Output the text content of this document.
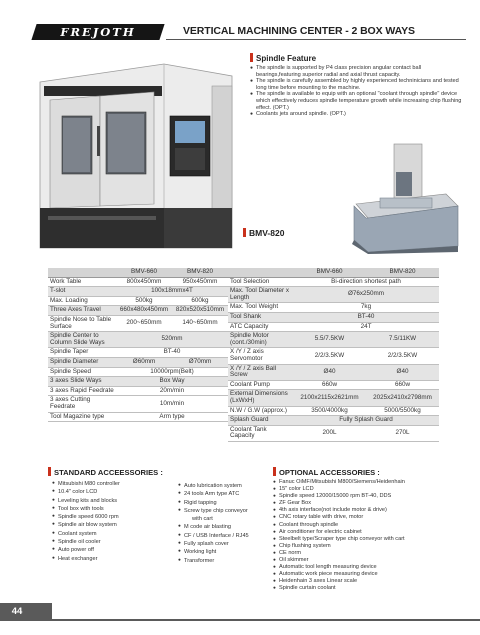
FREJOTH	VERTICAL MACHINING CENTER - 2 BOX WAYS
Spindle Feature
● The spindle is supported by P4 class precision angular contact ball bearings,featuring superior radial and axial thrust capacity.
● The spindle is carefully assembled by highly experienced techninicians and tested long time before mounting to the machine.
● The spindle is available to equip with an optional "coolant through spindle" device which effectively reduces spindle temperature growth while increasing chip flushing effect. (OPT.)
● Coolants jets around spindle. (OPT.)
BMV-820
	BMV-660	BMV-820
Work Table	800x450mm	950x450mm
T-slot	100x18mmx4T	
Max. Loading	500kg	600kg
Three Axes Travel	660x480x450mm	820x520x510mm
Spindle Nose to Table Surface	200~650mm	140~650mm
Spindle Center to Column Slide Ways	520mm	
Spindle Taper	BT-40	
Spindle Diameter	Ø60mm	Ø70mm
Spindle Speed	10000rpm(Belt)	
3 axes Slide Ways	Box Way	
3 axes Rapid Feedrate	20m/min	
3 axes Cutting Feedrate	10m/min	
Tool Magazine type	Arm type	
	BMV-660	BMV-820
Tool Selection	Bi-direction shortest path	
Max. Tool Diameter x Length	Ø76x250mm	
Max. Tool Weight	7kg	
Tool Shank	BT-40	
ATC Capacity	24T	
Spindle Motor (cont./30min)	5.5/7.5KW	7.5/11KW
X /Y / Z axis Servomotor	2/2/3.5KW	2/2/3.5KW
X /Y / Z axis Ball Screw	Ø40	Ø40
Coolant Pump	660w	660w
External Dimensions (LxWxH)	2100x2115x2621mm	2025x2410x2798mm
N.W / G.W (approx.)	3500/4000kg	5000/5500kg
Splash Guard	Fully Splash Guard	
Coolant Tank Capacity	200L	270L
STANDARD ACCEESSORIES :
● Mitsubishi M80 controller
● 10.4" color LCD
● Leveling kits and blocks
● Tool box with tools
● Spindle speed 6000 rpm
● Spindle air blow system
● Coolant system
● Spindle oil cooler
● Auto power off
● Heat exchanger
● Auto lubrication system
● 24 tools Arm type ATC
● Rigid tapping
● Screw type chip conveyor
with cart
● M code air blasting
● CF / USB Interface / RJ45
● Fully splash cover
● Working light
● Transformer
OPTIONAL ACCESSORIES :
● Fanuc OiMF/Mitsubishi M800/Siemens/Heidenhain
● 15" color LCD
● Spindle speed 12000/15000 rpm BT-40, DDS
● ZF Gear Box
● 4th axis interface(not include motor & drive)
● CNC rotary table with drive, motor
● Coolant through spindle
● Air conditioner for electric cabinet
● Steelbelt type/Scraper type chip conveyor with cart
● Chip flushing system
● CE norm
● Oil skimmer
● Automatic tool length measuring device
● Automatic work piece measuring device
● Heidenhain 3 axes Linear scale
● Spindle curtain coolant
44
